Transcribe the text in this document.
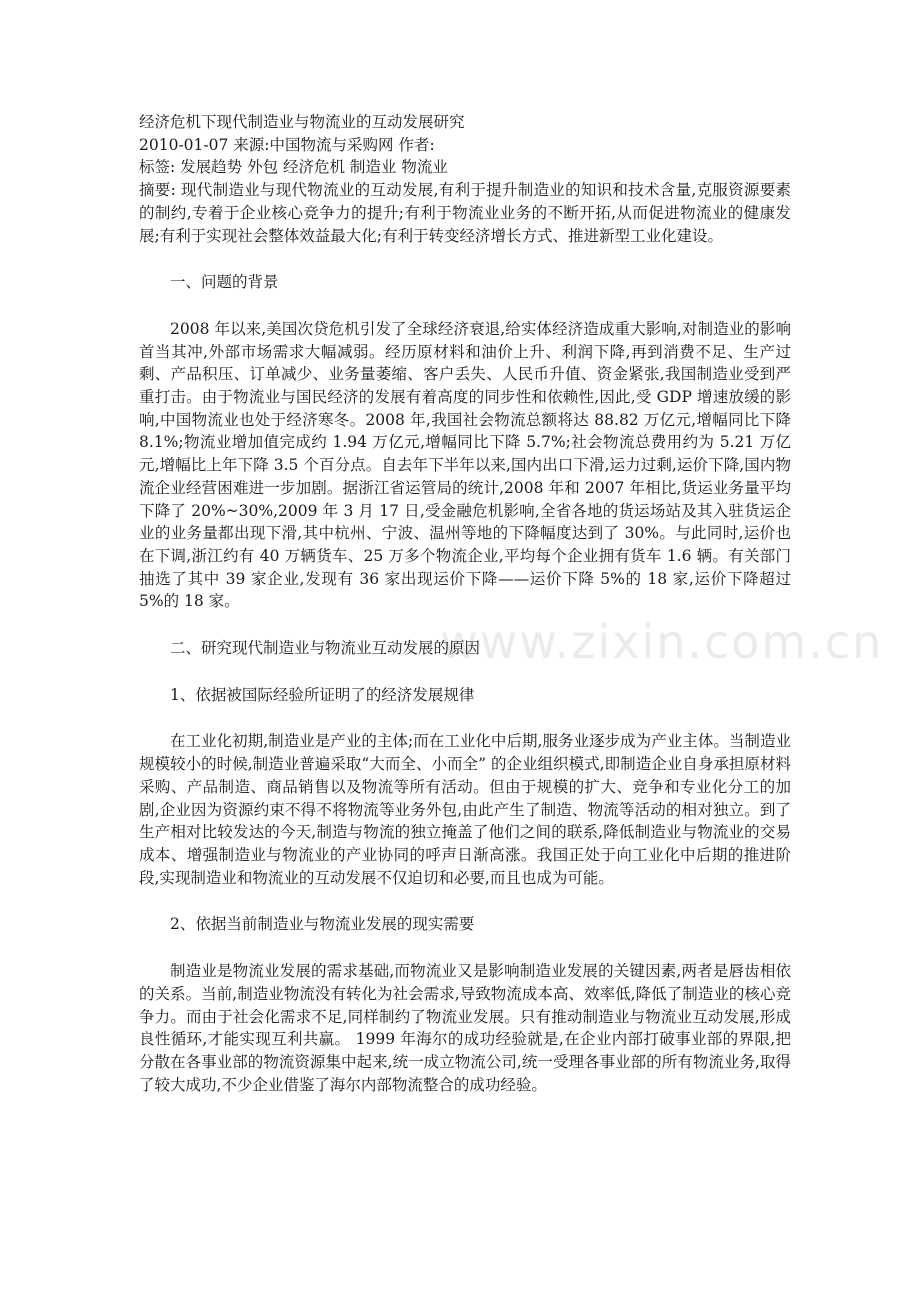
www.zixin.com.cn

经济危机下现代制造业与物流业的互动发展研究

2010-01-07 来源:中国物流与采购网 作者:

标签: 发展趋势 外包 经济危机 制造业 物流业

摘要: 现代制造业与现代物流业的互动发展,有利于提升制造业的知识和技术含量,克服资源要素的制约,专着于企业核心竞争力的提升;有利于物流业业务的不断开拓,从而促进物流业的健康发展;有利于实现社会整体效益最大化;有利于转变经济增长方式、推进新型工业化建设。

一、问题的背景

2008 年以来,美国次贷危机引发了全球经济衰退,给实体经济造成重大影响,对制造业的影响首当其冲,外部市场需求大幅减弱。经历原材料和油价上升、利润下降,再到消费不足、生产过剩、产品积压、订单减少、业务量萎缩、客户丢失、人民币升值、资金紧张,我国制造业受到严重打击。由于物流业与国民经济的发展有着高度的同步性和依赖性,因此,受 GDP 增速放缓的影响,中国物流业也处于经济寒冬。2008 年,我国社会物流总额将达 88.82 万亿元,增幅同比下降 8.1%;物流业增加值完成约 1.94 万亿元,增幅同比下降 5.7%;社会物流总费用约为 5.21 万亿元,增幅比上年下降 3.5 个百分点。自去年下半年以来,国内出口下滑,运力过剩,运价下降,国内物流企业经营困难进一步加剧。据浙江省运管局的统计,2008 年和 2007 年相比,货运业务量平均下降了 20%~30%,2009 年 3 月 17 日,受金融危机影响,全省各地的货运场站及其入驻货运企业的业务量都出现下滑,其中杭州、宁波、温州等地的下降幅度达到了 30%。与此同时,运价也在下调,浙江约有 40 万辆货车、25 万多个物流企业,平均每个企业拥有货车 1.6 辆。有关部门抽选了其中 39 家企业,发现有 36 家出现运价下降——运价下降 5%的 18 家,运价下降超过 5%的 18 家。

二、研究现代制造业与物流业互动发展的原因

1、依据被国际经验所证明了的经济发展规律

在工业化初期,制造业是产业的主体;而在工业化中后期,服务业逐步成为产业主体。当制造业规模较小的时候,制造业普遍采取“大而全、小而全” 的企业组织模式,即制造企业自身承担原材料采购、产品制造、商品销售以及物流等所有活动。但由于规模的扩大、竞争和专业化分工的加剧,企业因为资源约束不得不将物流等业务外包,由此产生了制造、物流等活动的相对独立。到了生产相对比较发达的今天,制造与物流的独立掩盖了他们之间的联系,降低制造业与物流业的交易成本、增强制造业与物流业的产业协同的呼声日渐高涨。我国正处于向工业化中后期的推进阶段,实现制造业和物流业的互动发展不仅迫切和必要,而且也成为可能。

2、依据当前制造业与物流业发展的现实需要

制造业是物流业发展的需求基础,而物流业又是影响制造业发展的关键因素,两者是唇齿相依的关系。当前,制造业物流没有转化为社会需求,导致物流成本高、效率低,降低了制造业的核心竞争力。而由于社会化需求不足,同样制约了物流业发展。只有推动制造业与物流业互动发展,形成良性循环,才能实现互利共赢。 1999 年海尔的成功经验就是,在企业内部打破事业部的界限,把分散在各事业部的物流资源集中起来,统一成立物流公司,统一受理各事业部的所有物流业务,取得了较大成功,不少企业借鉴了海尔内部物流整合的成功经验。
